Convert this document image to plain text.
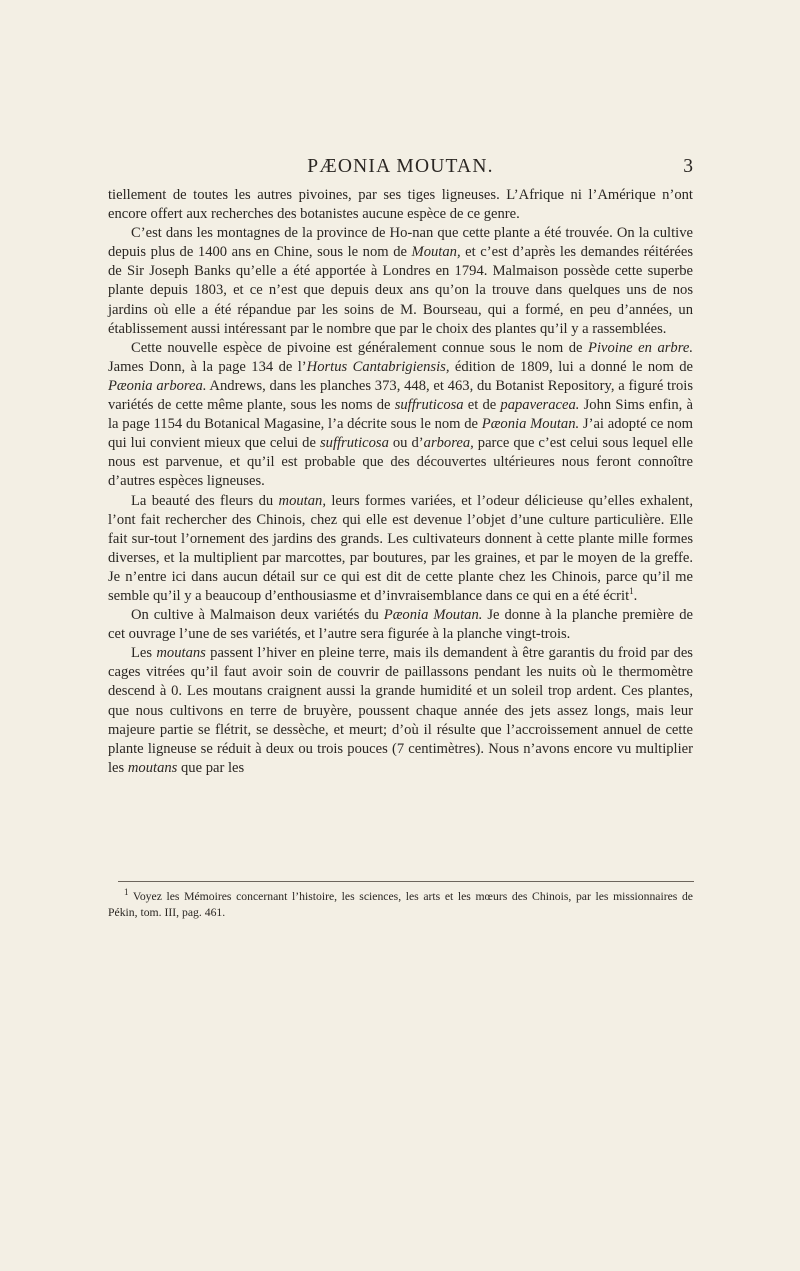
PÆONIA MOUTAN.	3

tiellement de toutes les autres pivoines, par ses tiges ligneuses. L’Afrique ni l’Amérique n’ont encore offert aux recherches des botanistes aucune espèce de ce genre.

C’est dans les montagnes de la province de Ho-nan que cette plante a été trouvée. On la cultive depuis plus de 1400 ans en Chine, sous le nom de Moutan, et c’est d’après les demandes réitérées de Sir Joseph Banks qu’elle a été apportée à Londres en 1794. Malmaison possède cette superbe plante depuis 1803, et ce n’est que depuis deux ans qu’on la trouve dans quelques uns de nos jardins où elle a été répandue par les soins de M. Bourseau, qui a formé, en peu d’années, un établissement aussi intéressant par le nombre que par le choix des plantes qu’il y a rassemblées.

Cette nouvelle espèce de pivoine est généralement connue sous le nom de Pivoine en arbre. James Donn, à la page 134 de l’Hortus Cantabrigiensis, édition de 1809, lui a donné le nom de Pæonia arborea. Andrews, dans les planches 373, 448, et 463, du Botanist Repository, a figuré trois variétés de cette même plante, sous les noms de suffruticosa et de papaveracea. John Sims enfin, à la page 1154 du Botanical Magasine, l’a décrite sous le nom de Pæonia Moutan. J’ai adopté ce nom qui lui convient mieux que celui de suffruticosa ou d’arborea, parce que c’est celui sous lequel elle nous est parvenue, et qu’il est probable que des découvertes ultérieures nous feront connoître d’autres espèces ligneuses.

La beauté des fleurs du moutan, leurs formes variées, et l’odeur délicieuse qu’elles exhalent, l’ont fait rechercher des Chinois, chez qui elle est devenue l’objet d’une culture particulière. Elle fait sur-tout l’ornement des jardins des grands. Les cultivateurs donnent à cette plante mille formes diverses, et la multiplient par marcottes, par boutures, par les graines, et par le moyen de la greffe. Je n’entre ici dans aucun détail sur ce qui est dit de cette plante chez les Chinois, parce qu’il me semble qu’il y a beaucoup d’enthousiasme et d’invraisemblance dans ce qui en a été écrit$^1$.

On cultive à Malmaison deux variétés du Pæonia Moutan. Je donne à la planche première de cet ouvrage l’une de ses variétés, et l’autre sera figurée à la planche vingt-trois.

Les moutans passent l’hiver en pleine terre, mais ils demandent à être garantis du froid par des cages vitrées qu’il faut avoir soin de couvrir de paillassons pendant les nuits où le thermomètre descend à 0. Les moutans craignent aussi la grande humidité et un soleil trop ardent. Ces plantes, que nous cultivons en terre de bruyère, poussent chaque année des jets assez longs, mais leur majeure partie se flétrit, se dessèche, et meurt; d’où il résulte que l’accroissement annuel de cette plante ligneuse se réduit à deux ou trois pouces (7 centimètres). Nous n’avons encore vu multiplier les moutans que par les

$^1$ Voyez les Mémoires concernant l’histoire, les sciences, les arts et les mœurs des Chinois, par les missionnaires de Pékin, tom. III, pag. 461.
